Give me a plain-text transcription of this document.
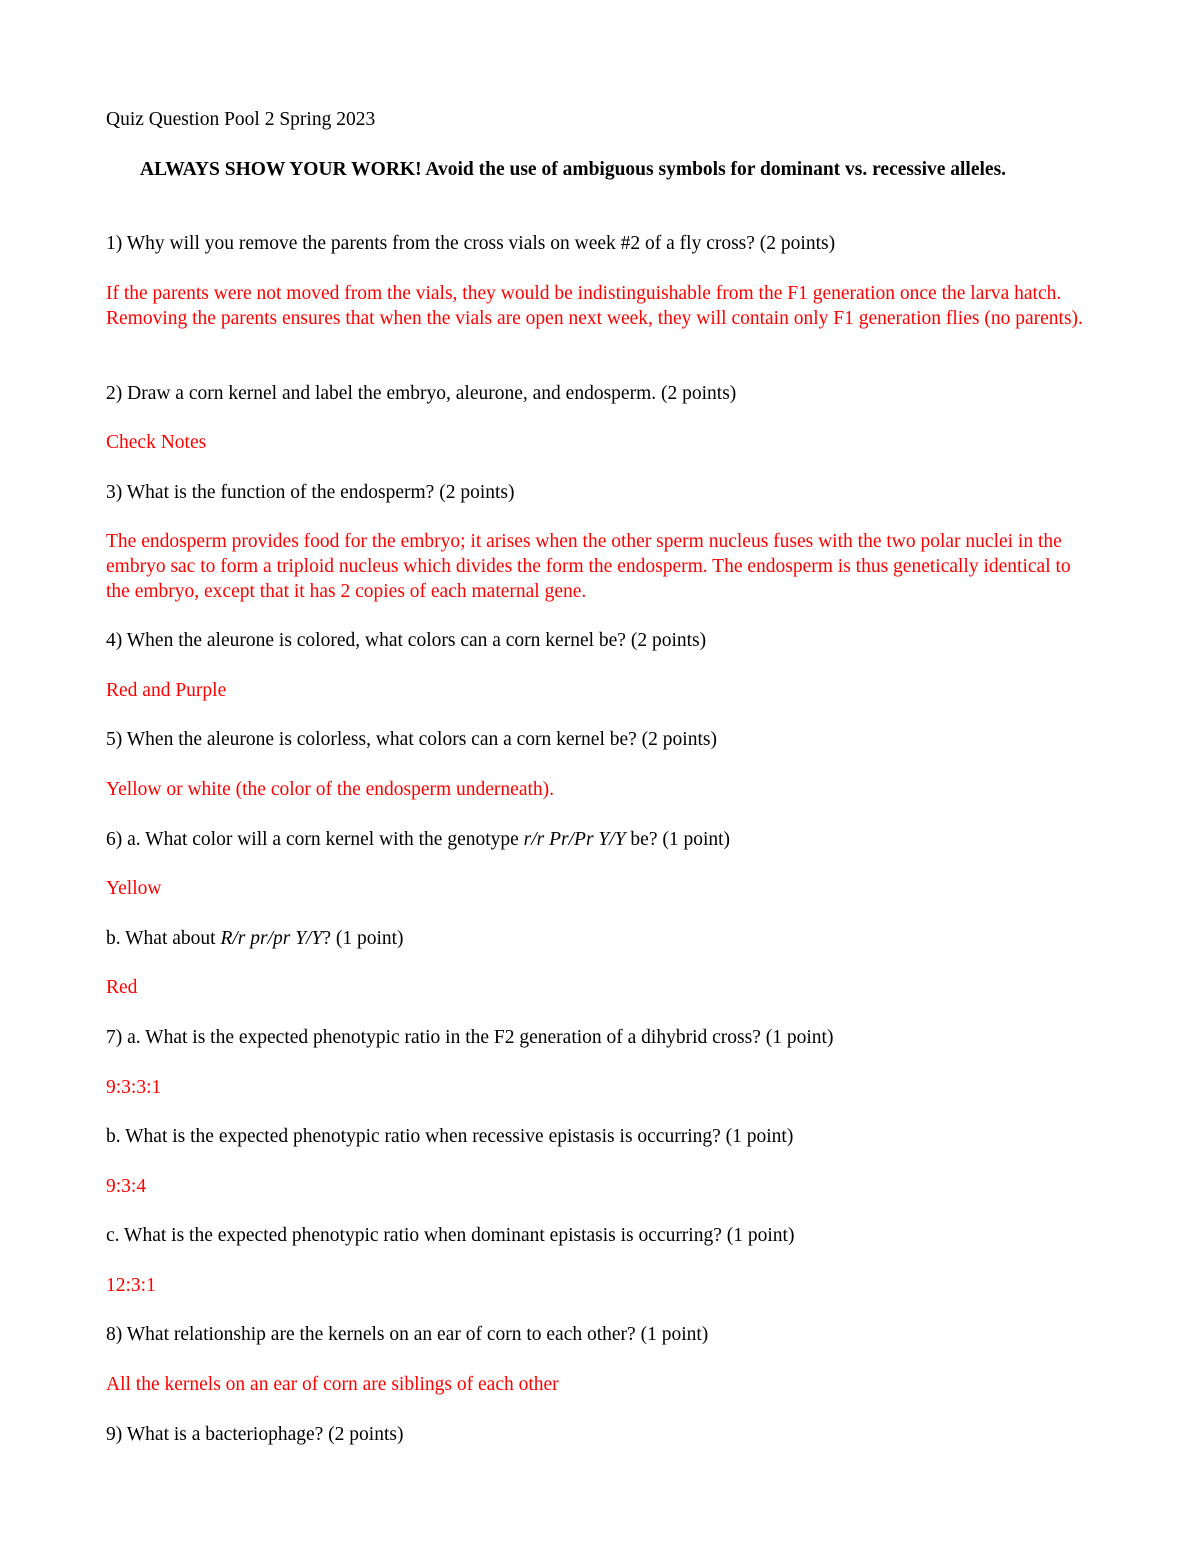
Quiz Question Pool 2 Spring 2023
ALWAYS SHOW YOUR WORK! Avoid the use of ambiguous symbols for dominant vs. recessive alleles.
1) Why will you remove the parents from the cross vials on week #2 of a fly cross? (2 points)
If the parents were not moved from the vials, they would be indistinguishable from the F1 generation once the larva hatch. Removing the parents ensures that when the vials are open next week, they will contain only F1 generation flies (no parents).
2) Draw a corn kernel and label the embryo, aleurone, and endosperm. (2 points)
Check Notes
3) What is the function of the endosperm? (2 points)
The endosperm provides food for the embryo; it arises when the other sperm nucleus fuses with the two polar nuclei in the embryo sac to form a triploid nucleus which divides the form the endosperm. The endosperm is thus genetically identical to the embryo, except that it has 2 copies of each maternal gene.
4) When the aleurone is colored, what colors can a corn kernel be? (2 points)
Red and Purple
5) When the aleurone is colorless, what colors can a corn kernel be? (2 points)
Yellow or white (the color of the endosperm underneath).
6) a. What color will a corn kernel with the genotype r/r Pr/Pr Y/Y be? (1 point)
Yellow
b. What about R/r pr/pr Y/Y? (1 point)
Red
7) a. What is the expected phenotypic ratio in the F2 generation of a dihybrid cross? (1 point)
9:3:3:1
b. What is the expected phenotypic ratio when recessive epistasis is occurring? (1 point)
9:3:4
c. What is the expected phenotypic ratio when dominant epistasis is occurring? (1 point)
12:3:1
8) What relationship are the kernels on an ear of corn to each other? (1 point)
All the kernels on an ear of corn are siblings of each other
9) What is a bacteriophage? (2 points)
